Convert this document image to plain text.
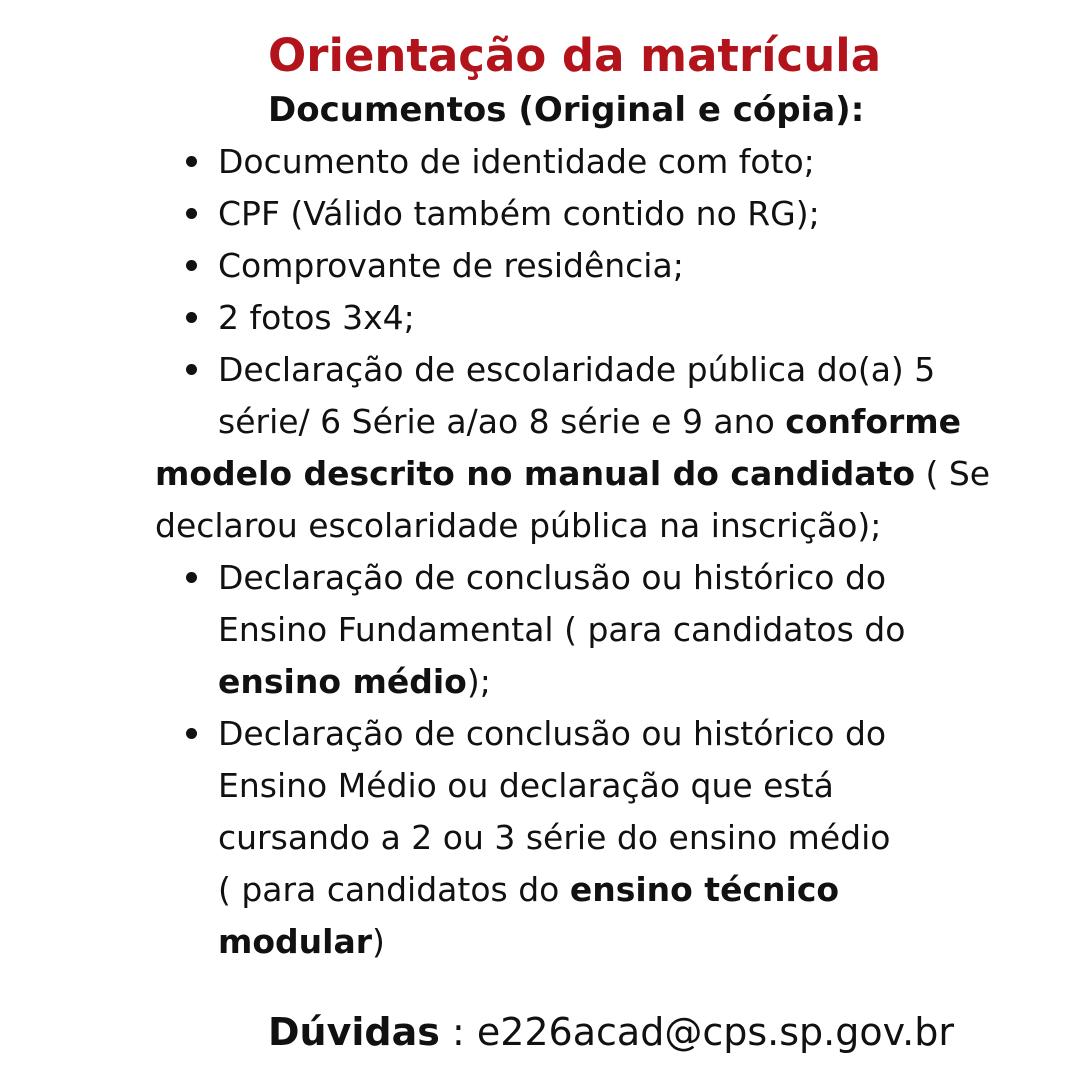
Orientação da matrícula
Documentos (Original e cópia):
Documento de identidade com foto;
CPF (Válido também contido no RG);
Comprovante de residência;
2 fotos 3x4;
Declaração de escolaridade pública do(a) 5
série/ 6 Série a/ao 8 série e 9 ano conforme
modelo descrito no manual do candidato ( Se
declarou escolaridade pública na inscrição);
Declaração de conclusão ou histórico do
Ensino Fundamental ( para candidatos do
ensino médio);
Declaração de conclusão ou histórico do
Ensino Médio ou declaração que está
cursando a 2 ou 3 série do ensino médio
( para candidatos do ensino técnico
modular)

Dúvidas : e226acad@cps.sp.gov.br
